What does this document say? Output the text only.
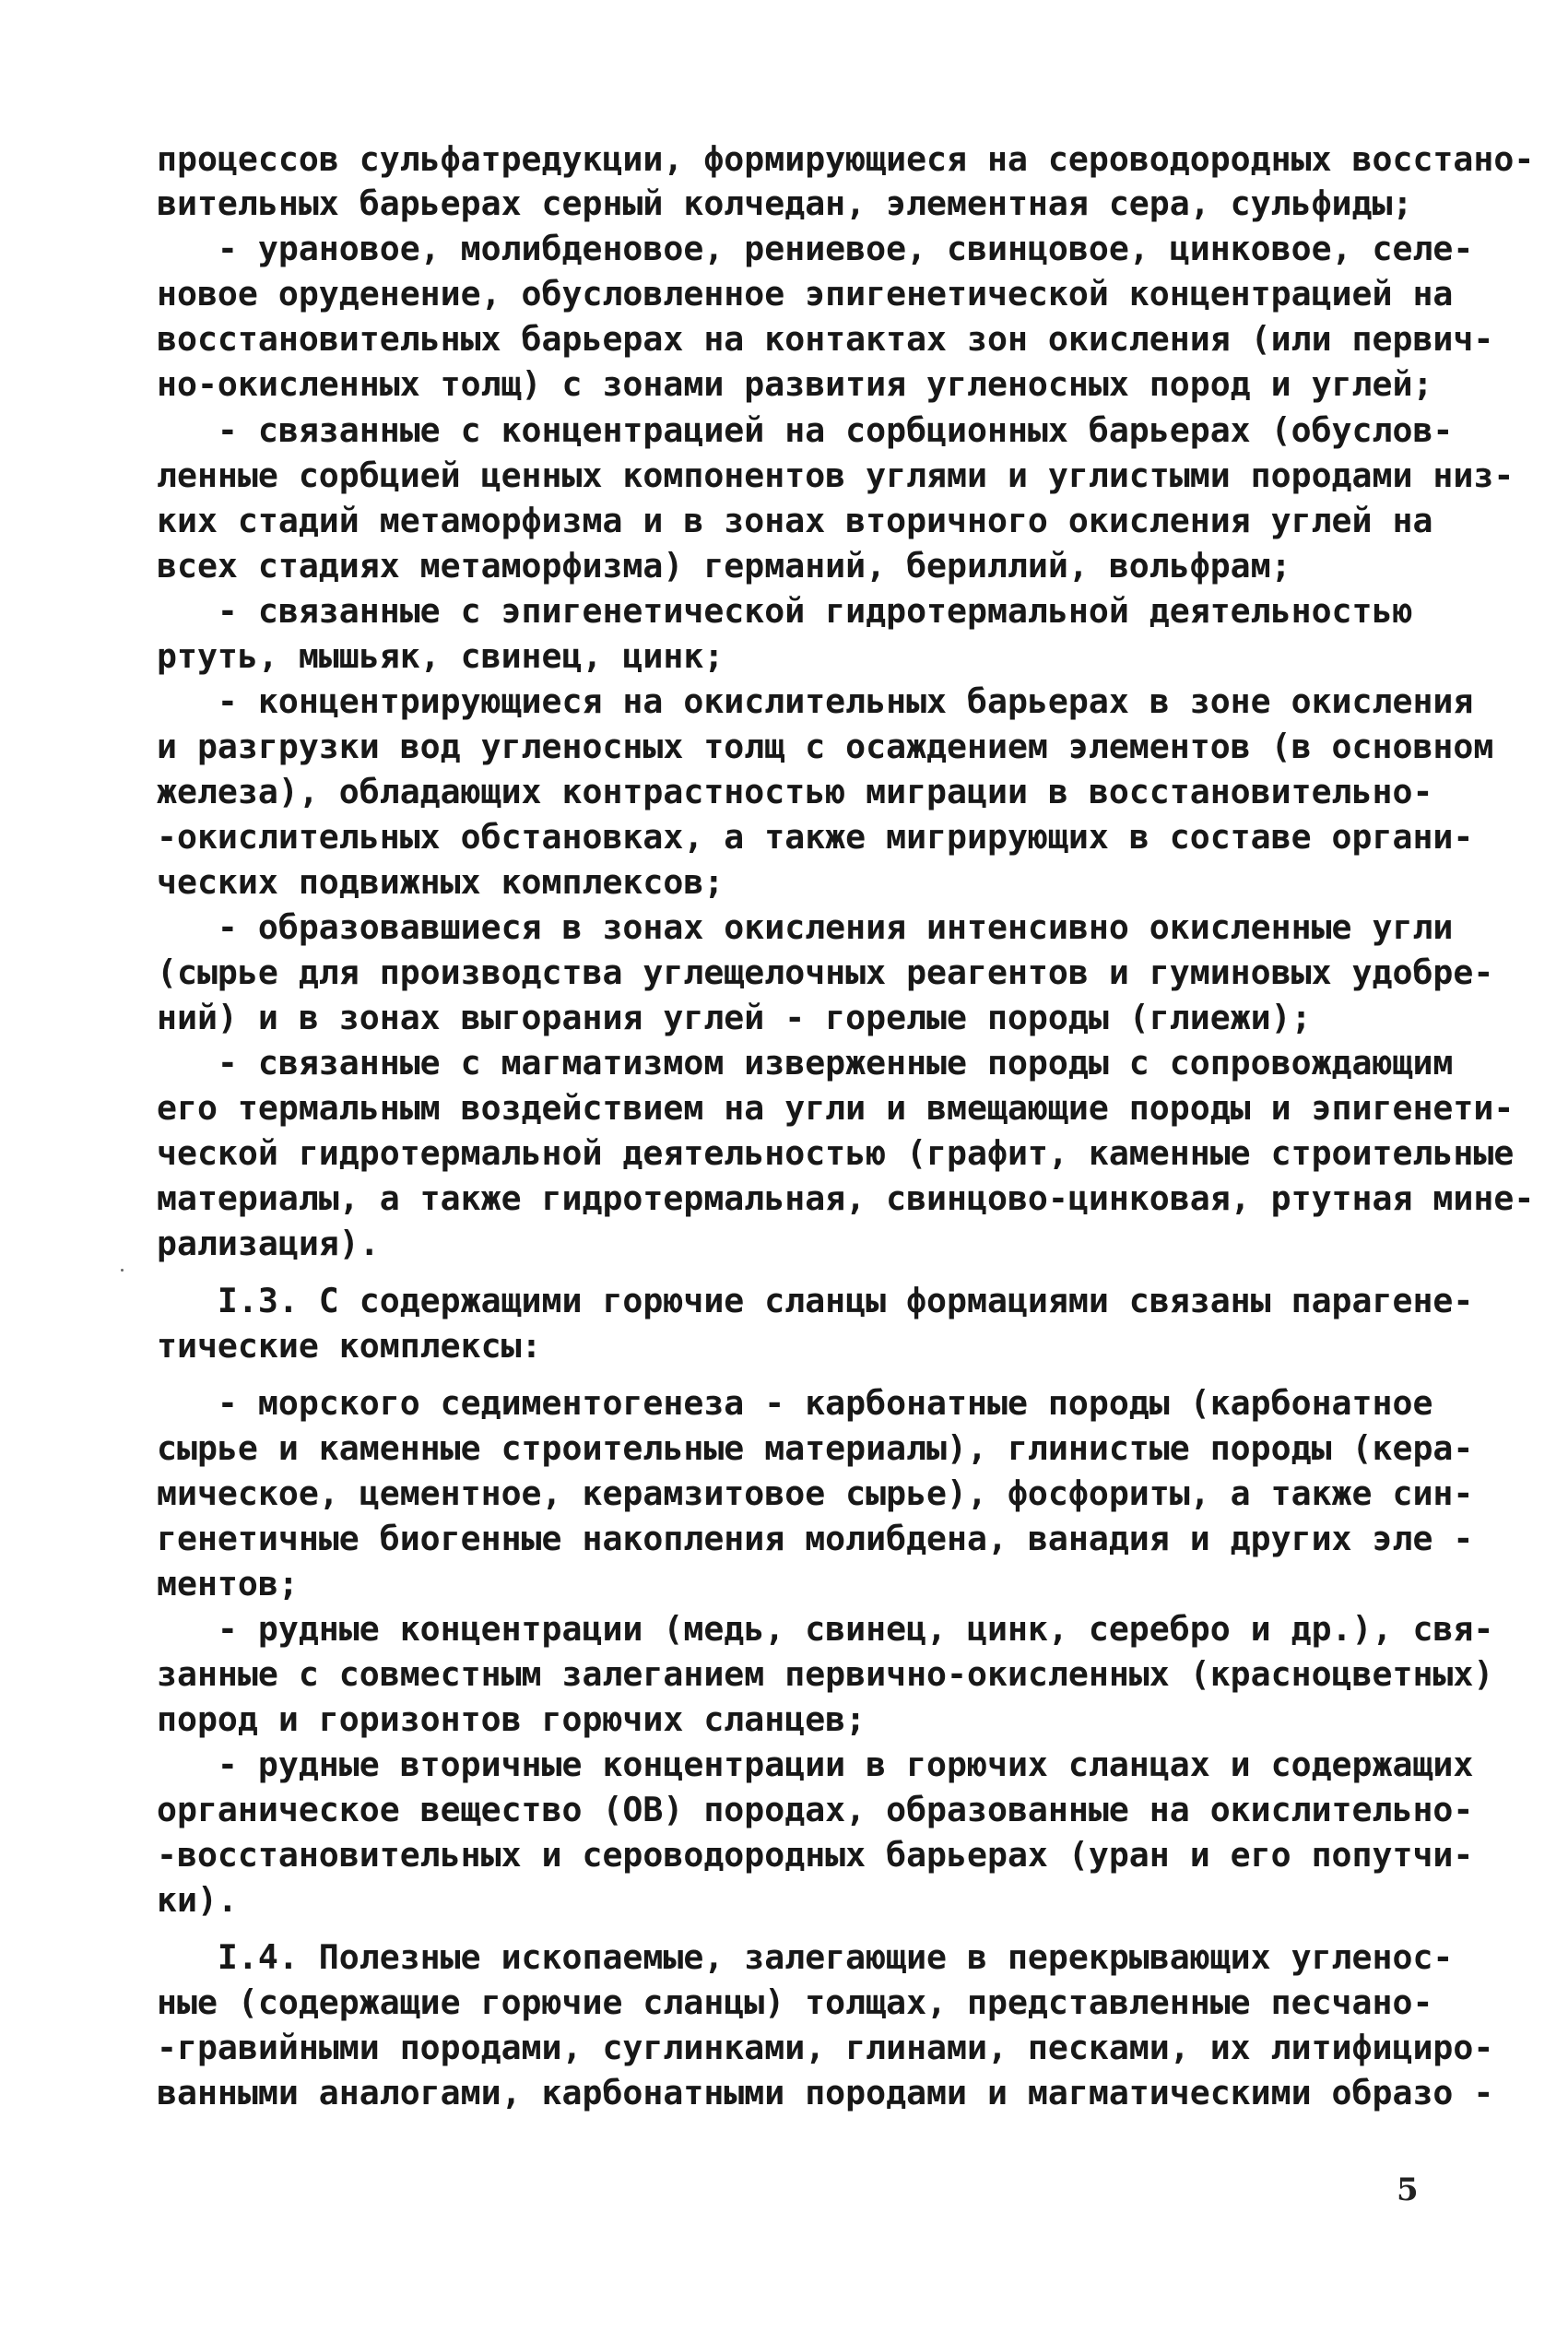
процессов сульфатредукции, формирующиеся на сероводородных восстано-
вительных барьерах серный колчедан, элементная сера, сульфиды;
- урановое, молибденовое, рениевое, свинцовое, цинковое, селе-
новое оруденение, обусловленное эпигенетической концентрацией на
восстановительных барьерах на контактах зон окисления (или первич-
но-окисленных толщ) с зонами развития угленосных пород и углей;
- связанные с концентрацией на сорбционных барьерах (обуслов-
ленные сорбцией ценных компонентов углями и углистыми породами низ-
ких стадий метаморфизма и в зонах вторичного окисления углей на
всех стадиях метаморфизма) германий, бериллий, вольфрам;
- связанные с эпигенетической гидротермальной деятельностью
ртуть, мышьяк, свинец, цинк;
- концентрирующиеся на окислительных барьерах в зоне окисления
и разгрузки вод угленосных толщ с осаждением элементов (в основном
железа), обладающих контрастностью миграции в восстановительно-
-окислительных обстановках, а также мигрирующих в составе органи-
ческих подвижных комплексов;
- образовавшиеся в зонах окисления интенсивно окисленные угли
(сырье для производства углещелочных реагентов и гуминовых удобре-
ний) и в зонах выгорания углей - горелые породы (глиежи);
- связанные с магматизмом изверженные породы с сопровождающим
его термальным воздействием на угли и вмещающие породы и эпигенети-
ческой гидротермальной деятельностью (графит, каменные строительные
материалы, а также гидротермальная, свинцово-цинковая, ртутная мине-
рализация).
I.3. С содержащими горючие сланцы формациями связаны парагене-
тические комплексы:
- морского седиментогенеза - карбонатные породы (карбонатное
сырье и каменные строительные материалы), глинистые породы (кера-
мическое, цементное, керамзитовое сырье), фосфориты, а также син-
генетичные биогенные накопления молибдена, ванадия и других эле -
ментов;
- рудные концентрации (медь, свинец, цинк, серебро и др.), свя-
занные с совместным залеганием первично-окисленных (красноцветных)
пород и горизонтов горючих сланцев;
- рудные вторичные концентрации в горючих сланцах и содержащих
органическое вещество (ОВ) породах, образованные на окислительно-
-восстановительных и сероводородных барьерах (уран и его попутчи-
ки).
I.4. Полезные ископаемые, залегающие в перекрывающих угленос-
ные (содержащие горючие сланцы) толщах, представленные песчано-
-гравийными породами, суглинками, глинами, песками, их литифициро-
ванными аналогами, карбонатными породами и магматическими образо -
5
